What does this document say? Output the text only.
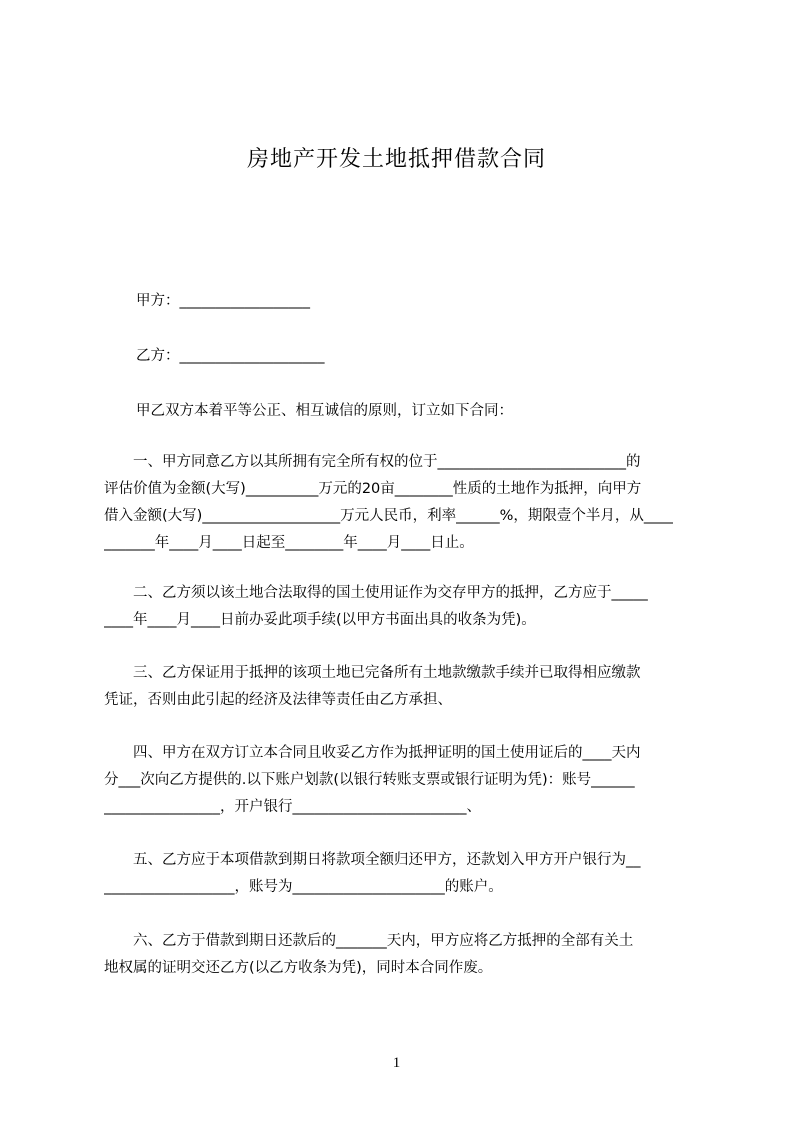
房地产开发土地抵押借款合同
甲方：__________________
乙方：____________________
甲乙双方本着平等公正、相互诚信的原则，订立如下合同：
　　一、甲方同意乙方以其所拥有完全所有权的位于__________________________的
评估价值为金额(大写)__________万元的20亩________性质的土地作为抵押，向甲方
借入金额(大写)___________________万元人民币，利率______%，期限壹个半月，从____
_______年____月____日起至________年____月____日止。
　　二、乙方须以该土地合法取得的国土使用证作为交存甲方的抵押，乙方应于_____
____年____月____日前办妥此项手续(以甲方书面出具的收条为凭)。
　　三、乙方保证用于抵押的该项土地已完备所有土地款缴款手续并已取得相应缴款
凭证，否则由此引起的经济及法律等责任由乙方承担、
　　四、甲方在双方订立本合同且收妥乙方作为抵押证明的国土使用证后的____天内
分___次向乙方提供的.以下账户划款(以银行转账支票或银行证明为凭)：账号______
________________，开户银行________________________、
　　五、乙方应于本项借款到期日将款项全额归还甲方，还款划入甲方开户银行为__
__________________，账号为_____________________的账户。
　　六、乙方于借款到期日还款后的_______天内，甲方应将乙方抵押的全部有关土
地权属的证明交还乙方(以乙方收条为凭)，同时本合同作废。
1
